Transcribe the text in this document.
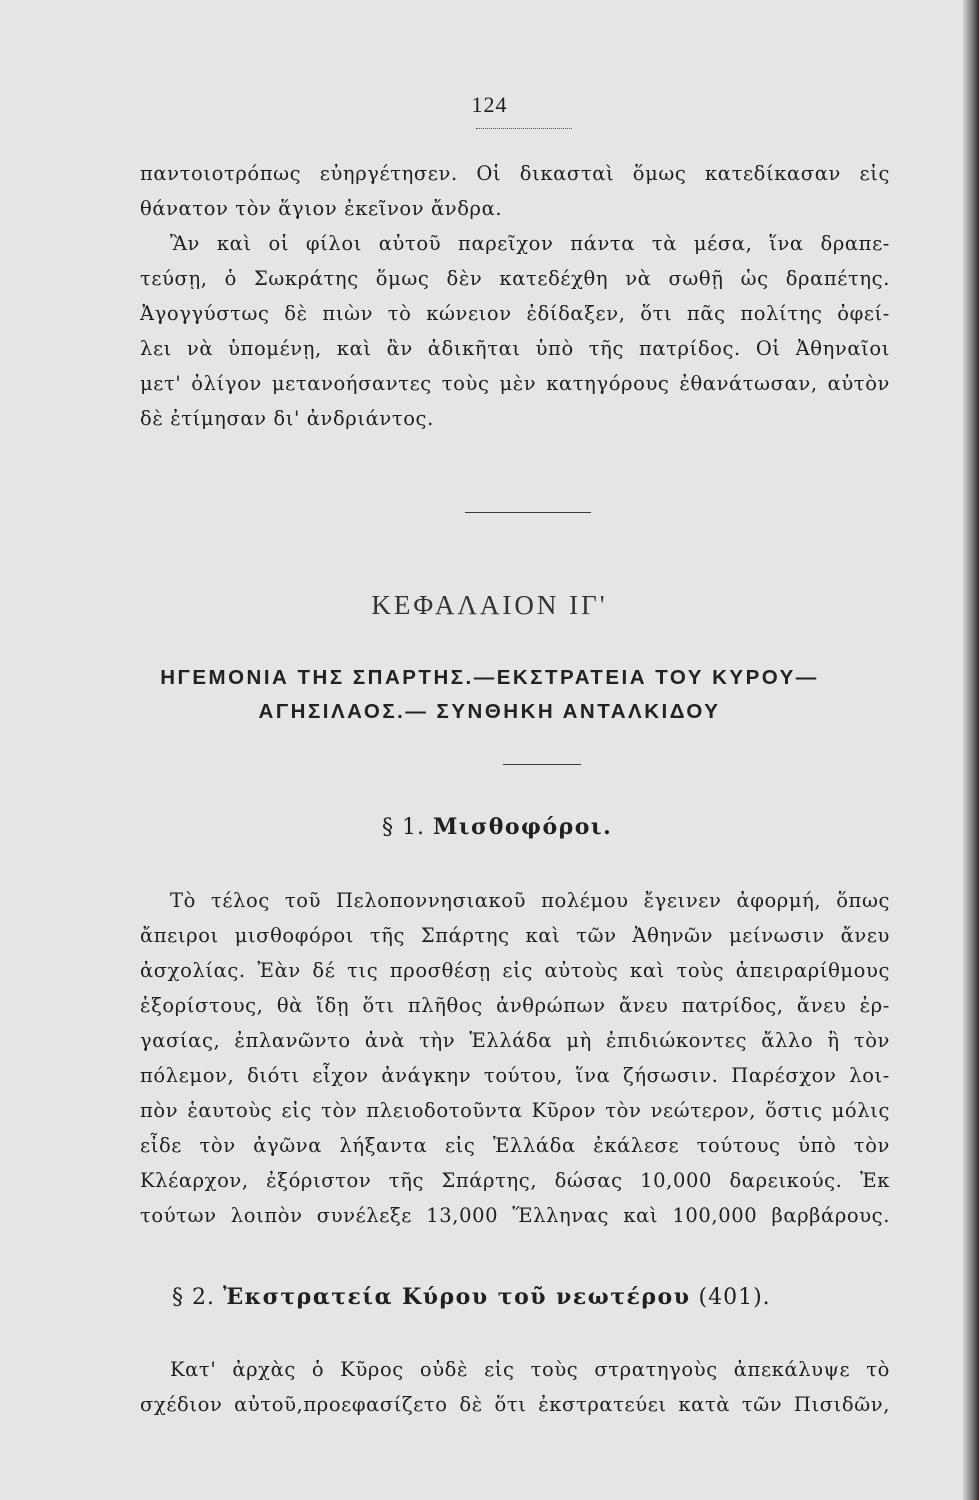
124
παντοιοτρόπως εὐηργέτησεν. Οἱ δικασταὶ ὅμως κατεδίκασαν εἰς
θάνατον τὸν ἅγιον ἐκεῖνον ἄνδρα.
Ἂν καὶ οἱ φίλοι αὐτοῦ παρεῖχον πάντα τὰ μέσα, ἵνα δραπε-
τεύσῃ, ὁ Σωκράτης ὅμως δὲν κατεδέχθη νὰ σωθῇ ὡς δραπέτης.
Ἀγογγύστως δὲ πιὼν τὸ κώνειον ἐδίδαξεν, ὅτι πᾶς πολίτης ὀφεί-
λει νὰ ὑπομένῃ, καὶ ἂν ἀδικῆται ὑπὸ τῆς πατρίδος. Οἱ Ἀθηναῖοι
μετ' ὀλίγον μετανοήσαντες τοὺς μὲν κατηγόρους ἐθανάτωσαν, αὐτὸν
δὲ ἐτίμησαν δι' ἀνδριάντος.
ΚΕΦΑΛΑΙΟΝ ΙΓ'
ΗΓΕΜΟΝΙΑ ΤΗΣ ΣΠΑΡΤΗΣ.—ΕΚΣΤΡΑΤΕΙΑ ΤΟΥ ΚΥΡΟΥ—
ΑΓΗΣΙΛΑΟΣ.— ΣΥΝΘΗΚΗ ΑΝΤΑΛΚΙΔΟΥ
§ 1. Μισθοφόροι.
Τὸ τέλος τοῦ Πελοποννησιακοῦ πολέμου ἔγεινεν ἀφορμή, ὅπως
ἄπειροι μισθοφόροι τῆς Σπάρτης καὶ τῶν Ἀθηνῶν μείνωσιν ἄνευ
ἀσχολίας. Ἐὰν δέ τις προσθέσῃ εἰς αὐτοὺς καὶ τοὺς ἀπειραρίθμους
ἐξορίστους, θὰ ἴδῃ ὅτι πλῆθος ἀνθρώπων ἄνευ πατρίδος, ἄνευ ἐρ-
γασίας, ἐπλανῶντο ἀνὰ τὴν Ἑλλάδα μὴ ἐπιδιώκοντες ἄλλο ἢ τὸν
πόλεμον, διότι εἶχον ἀνάγκην τούτου, ἵνα ζήσωσιν. Παρέσχον λοι-
πὸν ἑαυτοὺς εἰς τὸν πλειοδοτοῦντα Κῦρον τὸν νεώτερον, ὅστις μόλις
εἶδε τὸν ἀγῶνα λήξαντα εἰς Ἑλλάδα ἐκάλεσε τούτους ὑπὸ τὸν
Κλέαρχον, ἐξόριστον τῆς Σπάρτης, δώσας 10,000 δαρεικούς. Ἐκ
τούτων λοιπὸν συνέλεξε 13,000 Ἕλληνας καὶ 100,000 βαρβάρους.
§ 2. Ἐκστρατεία Κύρου τοῦ νεωτέρου (401).
Κατ' ἀρχὰς ὁ Κῦρος οὐδὲ εἰς τοὺς στρατηγοὺς ἀπεκάλυψε τὸ
σχέδιον αὐτοῦ,προεφασίζετο δὲ ὅτι ἐκστρατεύει κατὰ τῶν Πισιδῶν,
